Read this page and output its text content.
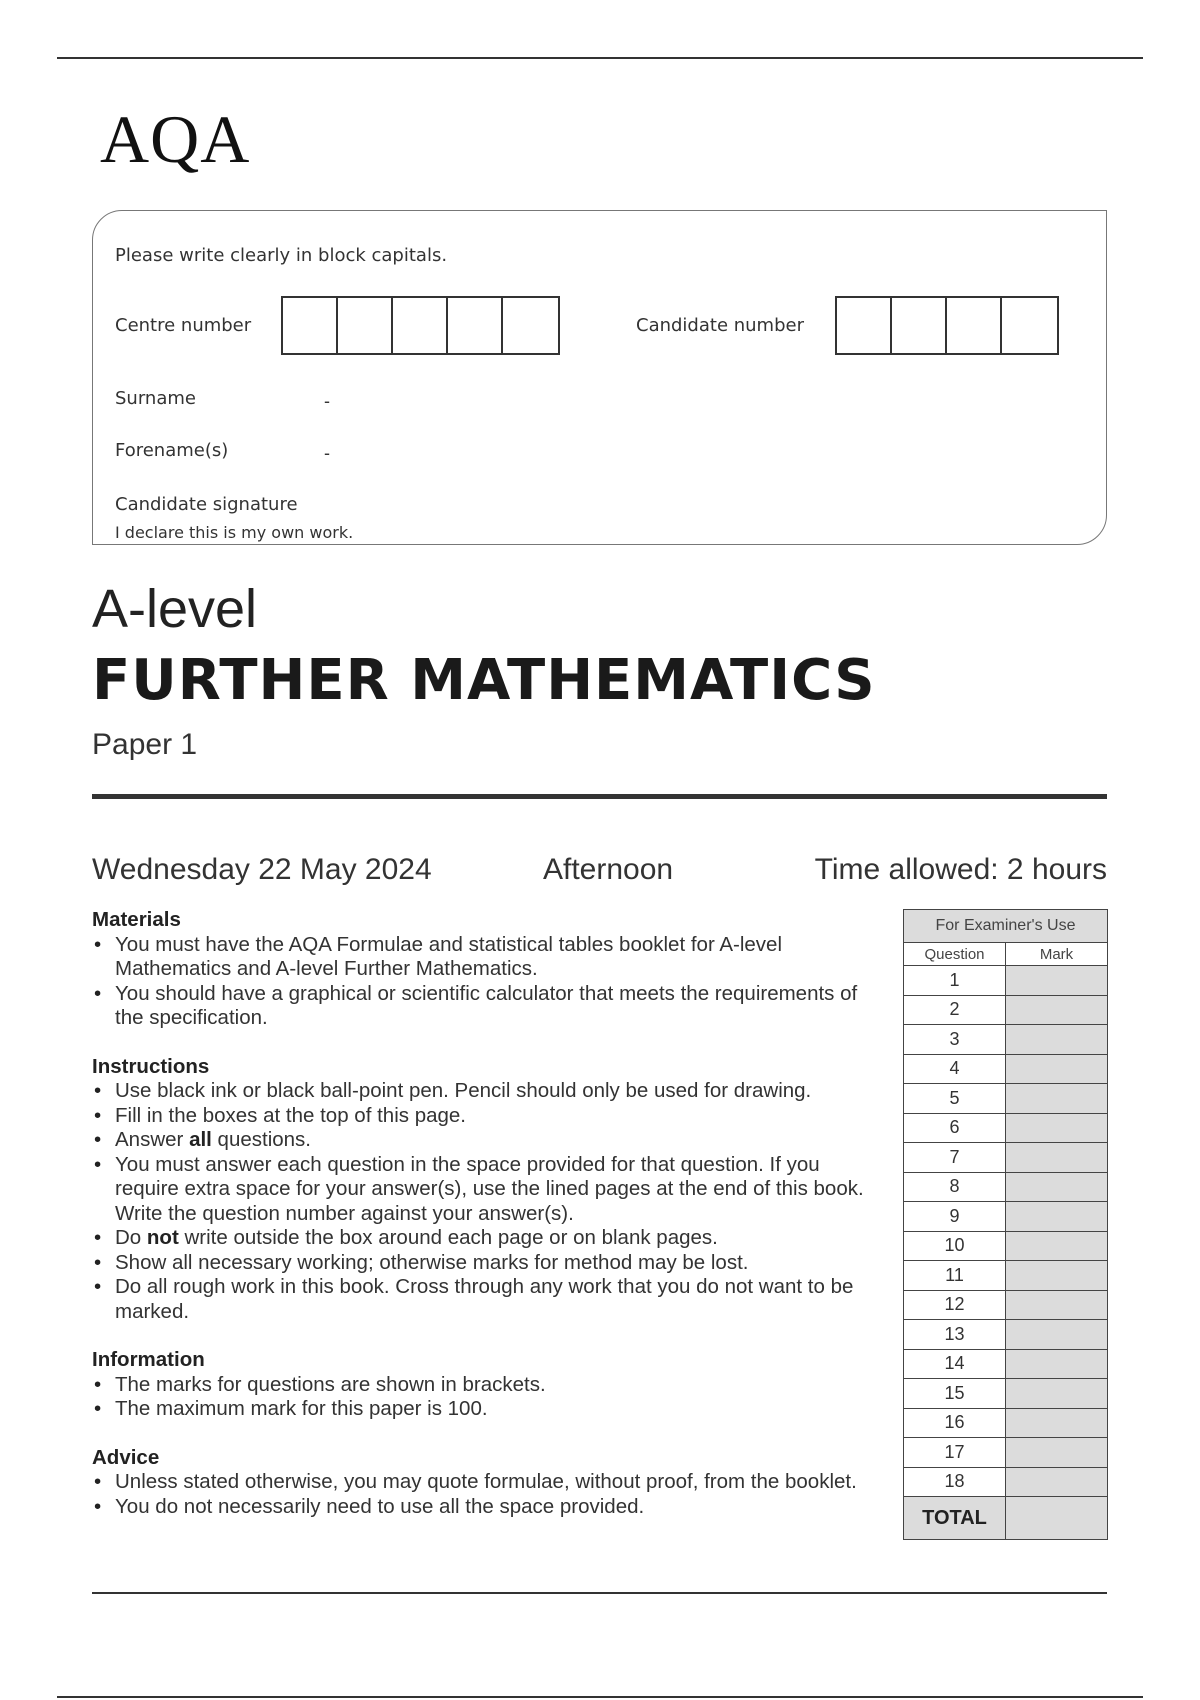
AQA
Please write clearly in block capitals.
Centre number	Candidate number
Surname	-
Forename(s)	-
Candidate signature
I declare this is my own work.
A-level
FURTHER MATHEMATICS
Paper 1
Wednesday 22 May 2024	Afternoon	Time allowed: 2 hours
Materials
• You must have the AQA Formulae and statistical tables booklet for A-level Mathematics and A-level Further Mathematics.
• You should have a graphical or scientific calculator that meets the requirements of the specification.
Instructions
• Use black ink or black ball-point pen. Pencil should only be used for drawing.
• Fill in the boxes at the top of this page.
• Answer all questions.
• You must answer each question in the space provided for that question. If you require extra space for your answer(s), use the lined pages at the end of this book. Write the question number against your answer(s).
• Do not write outside the box around each page or on blank pages.
• Show all necessary working; otherwise marks for method may be lost.
• Do all rough work in this book. Cross through any work that you do not want to be marked.
Information
• The marks for questions are shown in brackets.
• The maximum mark for this paper is 100.
Advice
• Unless stated otherwise, you may quote formulae, without proof, from the booklet.
• You do not necessarily need to use all the space provided.
For Examiner's Use	
Question	Mark
1	
2	
3	
4	
5	
6	
7	
8	
9	
10	
11	
12	
13	
14	
15	
16	
17	
18	
TOTAL	
